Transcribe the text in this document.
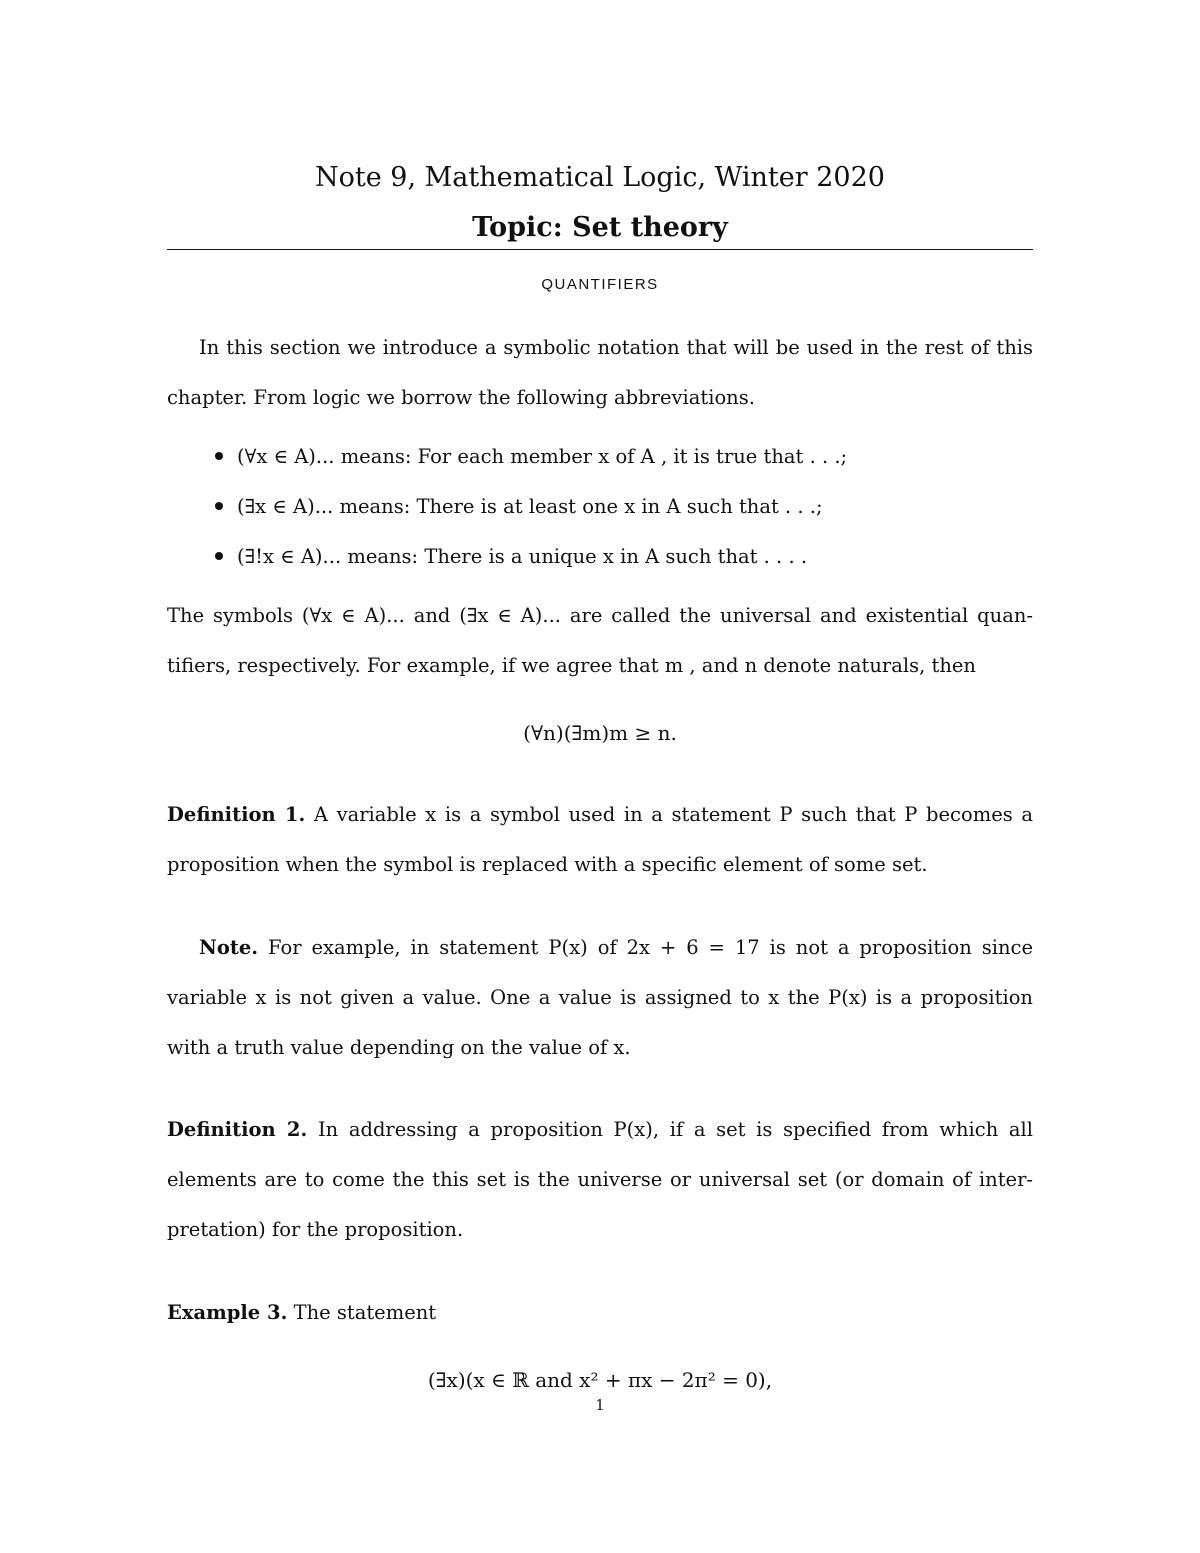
Note 9, Mathematical Logic, Winter 2020
Topic: Set theory
QUANTIFIERS
In this section we introduce a symbolic notation that will be used in the rest of this
chapter. From logic we borrow the following abbreviations.
(∀x ∈ A)... means: For each member x of A , it is true that . . .;
(∃x ∈ A)... means: There is at least one x in A such that . . .;
(∃!x ∈ A)... means: There is a unique x in A such that . . . .
The symbols (∀x ∈ A)... and (∃x ∈ A)... are called the universal and existential quan-
tifiers, respectively. For example, if we agree that m , and n denote naturals, then
(∀n)(∃m)m ≥ n.
Definition 1. A variable x is a symbol used in a statement P such that P becomes a
proposition when the symbol is replaced with a specific element of some set.
Note. For example, in statement P(x) of 2x + 6 = 17 is not a proposition since
variable x is not given a value. One a value is assigned to x the P(x) is a proposition
with a truth value depending on the value of x.
Definition 2. In addressing a proposition P(x), if a set is specified from which all
elements are to come the this set is the universe or universal set (or domain of inter-
pretation) for the proposition.
Example 3. The statement
(∃x)(x ∈ ℝ and x² + πx − 2π² = 0),
1
